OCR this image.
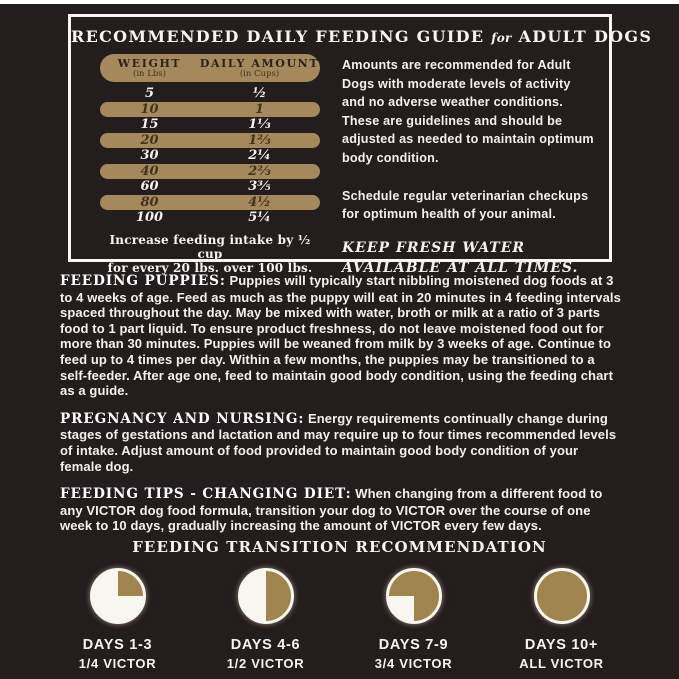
RECOMMENDED DAILY FEEDING GUIDE for ADULT DOGS
WEIGHT
(in Lbs)
DAILY AMOUNT
(in Cups)
5	½
10	1
15	1⅓
20	1⅔
30	2¼
40	2⅔
60	3⅗
80	4½
100	5¼
Increase feeding intake by ½ cup
for every 20 lbs. over 100 lbs.

Amounts are recommended for Adult Dogs with moderate levels of activity and no adverse weather conditions. These are guidelines and should be adjusted as needed to maintain optimum body condition.

Schedule regular veterinarian checkups for optimum health of your animal.

KEEP FRESH WATER AVAILABLE AT ALL TIMES.

FEEDING PUPPIES: Puppies will typically start nibbling moistened dog foods at 3 to 4 weeks of age. Feed as much as the puppy will eat in 20 minutes in 4 feeding intervals spaced throughout the day. May be mixed with water, broth or milk at a ratio of 3 parts food to 1 part liquid. To ensure product freshness, do not leave moistened food out for more than 30 minutes. Puppies will be weaned from milk by 3 weeks of age. Continue to feed up to 4 times per day. Within a few months, the puppies may be transitioned to a self-feeder. After age one, feed to maintain good body condition, using the feeding chart as a guide.

PREGNANCY AND NURSING: Energy requirements continually change during stages of gestations and lactation and may require up to four times recommended levels of intake. Adjust amount of food provided to maintain good body condition of your female dog.

FEEDING TIPS - CHANGING DIET: When changing from a different food to any VICTOR dog food formula, transition your dog to VICTOR over the course of one week to 10 days, gradually increasing the amount of VICTOR every few days.

FEEDING TRANSITION RECOMMENDATION
DAYS 1-3
1/4 VICTOR
DAYS 4-6
1/2 VICTOR
DAYS 7-9
3/4 VICTOR
DAYS 10+
ALL VICTOR
